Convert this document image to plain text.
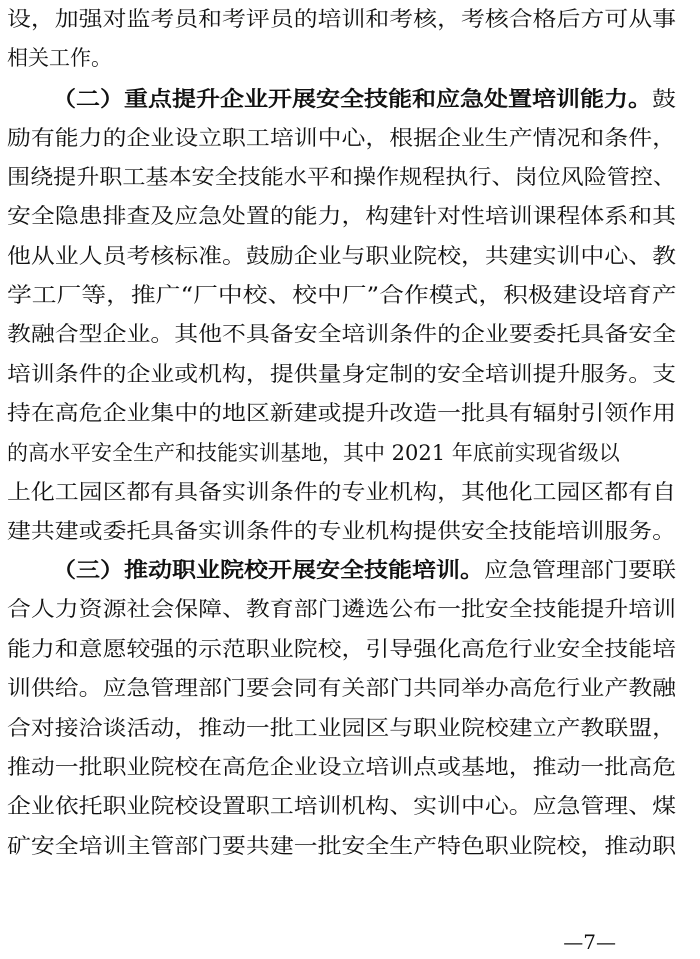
设，加强对监考员和考评员的培训和考核，考核合格后方可从事
相关工作。
（二）重点提升企业开展安全技能和应急处置培训能力。鼓
励有能力的企业设立职工培训中心，根据企业生产情况和条件，
围绕提升职工基本安全技能水平和操作规程执行、岗位风险管控、
安全隐患排查及应急处置的能力，构建针对性培训课程体系和其
他从业人员考核标准。鼓励企业与职业院校，共建实训中心、教
学工厂等，推广“厂中校、校中厂”合作模式，积极建设培育产
教融合型企业。其他不具备安全培训条件的企业要委托具备安全
培训条件的企业或机构，提供量身定制的安全培训提升服务。支
持在高危企业集中的地区新建或提升改造一批具有辐射引领作用
的高水平安全生产和技能实训基地，其中 2021 年底前实现省级以
上化工园区都有具备实训条件的专业机构，其他化工园区都有自
建共建或委托具备实训条件的专业机构提供安全技能培训服务。
（三）推动职业院校开展安全技能培训。应急管理部门要联
合人力资源社会保障、教育部门遴选公布一批安全技能提升培训
能力和意愿较强的示范职业院校，引导强化高危行业安全技能培
训供给。应急管理部门要会同有关部门共同举办高危行业产教融
合对接洽谈活动，推动一批工业园区与职业院校建立产教联盟，
推动一批职业院校在高危企业设立培训点或基地，推动一批高危
企业依托职业院校设置职工培训机构、实训中心。应急管理、煤
矿安全培训主管部门要共建一批安全生产特色职业院校，推动职
—7—
